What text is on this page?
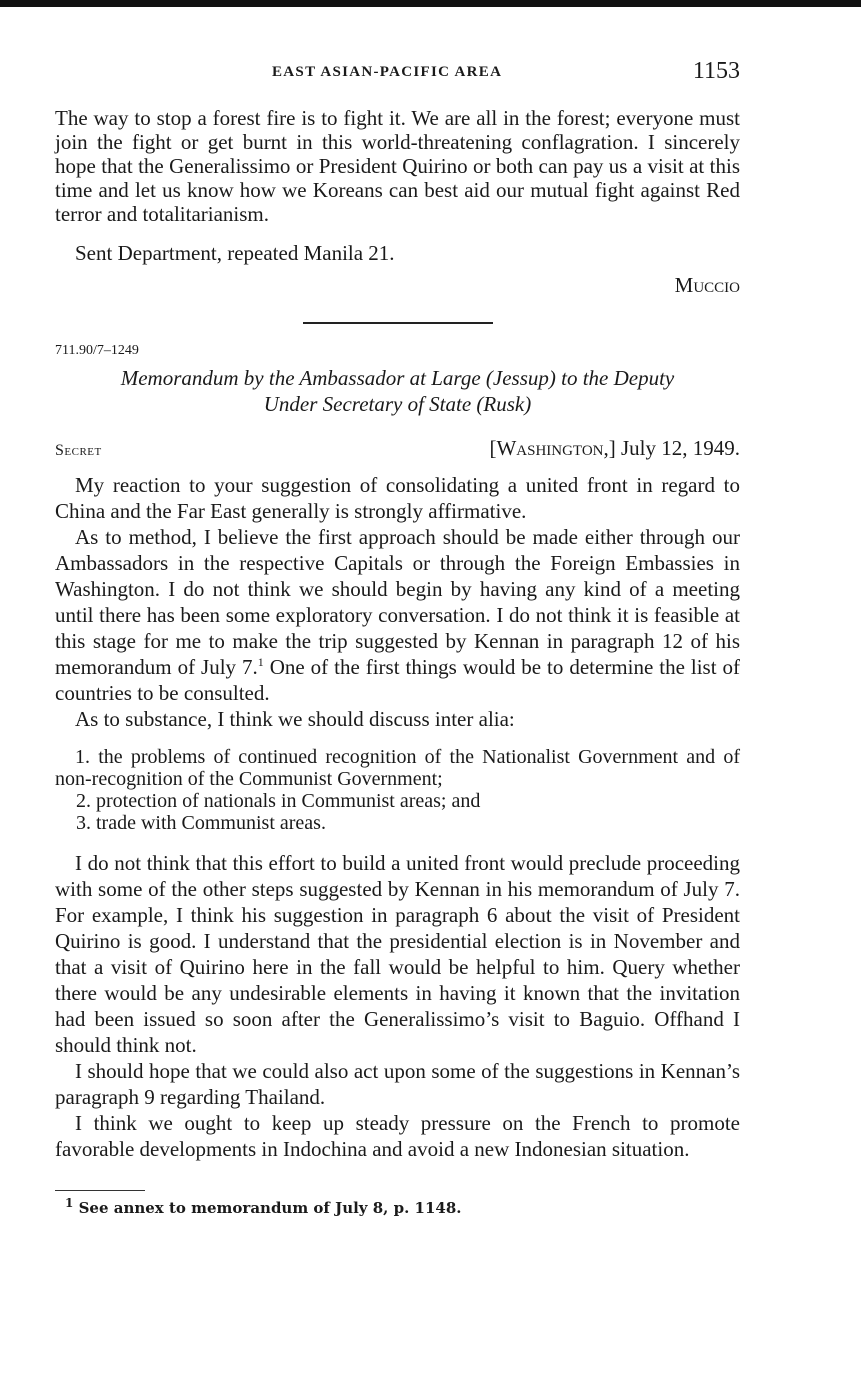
EAST ASIAN-PACIFIC AREA	1153

The way to stop a forest fire is to fight it. We are all in the forest; everyone must join the fight or get burnt in this world-threatening conflagration. I sincerely hope that the Generalissimo or President Quirino or both can pay us a visit at this time and let us know how we Koreans can best aid our mutual fight against Red terror and totalitarianism.

Sent Department, repeated Manila 21.

Muccio
711.90/7–1249
Memorandum by the Ambassador at Large (Jessup) to the Deputy
Under Secretary of State (Rusk)
Secret	[Washington,] July 12, 1949.

My reaction to your suggestion of consolidating a united front in regard to China and the Far East generally is strongly affirmative.

As to method, I believe the first approach should be made either through our Ambassadors in the respective Capitals or through the Foreign Embassies in Washington. I do not think we should begin by having any kind of a meeting until there has been some exploratory conversation. I do not think it is feasible at this stage for me to make the trip suggested by Kennan in paragraph 12 of his memorandum of July 7.$^1$ One of the first things would be to determine the list of countries to be consulted.

As to substance, I think we should discuss inter alia:

1. the problems of continued recognition of the Nationalist Government and of non-recognition of the Communist Government;
2. protection of nationals in Communist areas; and
3. trade with Communist areas.

I do not think that this effort to build a united front would preclude proceeding with some of the other steps suggested by Kennan in his memorandum of July 7. For example, I think his suggestion in paragraph 6 about the visit of President Quirino is good. I understand that the presidential election is in November and that a visit of Quirino here in the fall would be helpful to him. Query whether there would be any undesirable elements in having it known that the invitation had been issued so soon after the Generalissimo’s visit to Baguio. Offhand I should think not.

I should hope that we could also act upon some of the suggestions in Kennan’s paragraph 9 regarding Thailand.

I think we ought to keep up steady pressure on the French to promote favorable developments in Indochina and avoid a new Indonesian situation.

$^1$ See annex to memorandum of July 8, p. 1148.
